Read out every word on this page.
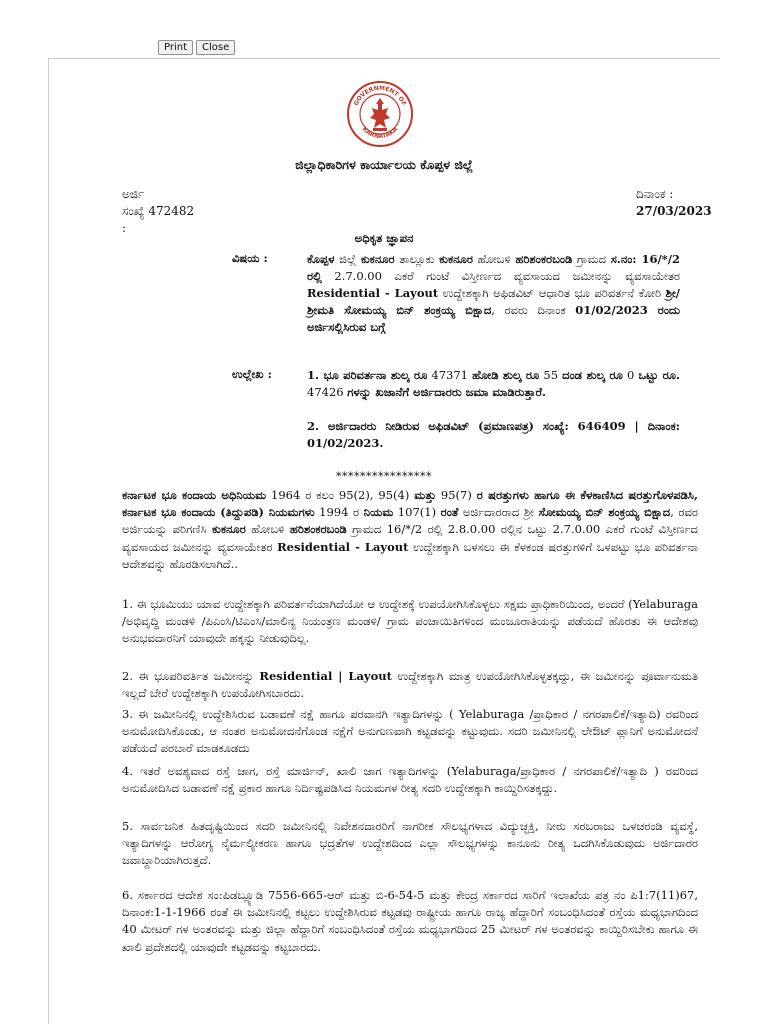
Print	Close
GOVERNMENT OF
KARNATAKA
ಜಿಲ್ಲಾಧಿಕಾರಿಗಳ ಕಾರ್ಯಾಲಯ ಕೊಪ್ಪಳ ಜಿಲ್ಲೆ
ಅರ್ಜಿ
ಸಂಖ್ಯೆ 472482
:
ದಿನಾಂಕ :
27/03/2023
ಅಧಿಕೃತ ಜ್ಞಾಪನ
ವಿಷಯ :	ಕೊಪ್ಪಳ ಜಿಲ್ಲೆ ಕುಕನೂರ ತಾಲ್ಲೂಕು ಕುಕನೂರ ಹೋಬಳಿ ಹರಿಶಂಕರಬಂಡಿ ಗ್ರಾಮದ ಸ.ನಂ: 16/*/2 ರಲ್ಲಿ 2.7.0.00 ಎಕರೆ ಗುಂಟೆ ವಿಸ್ತೀರ್ಣದ ವ್ಯವಸಾಯದ ಜಮೀನನ್ನು ವ್ಯವಸಾಯೇತರ Residential - Layout ಉದ್ದೇಶಕ್ಕಾಗಿ ಅಫಿಡವಿಟ್ ಆಧಾರಿತ ಭೂ ಪರಿವರ್ತನೆ ಕೋರಿ ಶ್ರೀ/ಶ್ರೀಮತಿ ಸೋಮಯ್ಯ ಬಿನ್ ಶಂಕ್ರಯ್ಯ ಬಿಕ್ಷಾದ, ರವರು ದಿನಾಂಕ 01/02/2023 ರಂದು ಅರ್ಜಿಸಲ್ಲಿಸಿರುವ ಬಗ್ಗೆ
ಉಲ್ಲೇಖ :	1. ಭೂ ಪರಿವರ್ತನಾ ಶುಲ್ಕ ರೂ 47371 ಹೋಡಿ ಶುಲ್ಕ ರೂ 55 ದಂಡ ಶುಲ್ಕ ರೂ 0 ಒಟ್ಟು ರೂ. 47426 ಗಳನ್ನು ಖಜಾನೆಗೆ ಅರ್ಜಿದಾರರು ಜಮಾ ಮಾಡಿರುತ್ತಾರೆ.
2. ಅರ್ಜಿದಾರರು ನೀಡಿರುವ ಅಫಿಡವಿಟ್ (ಪ್ರಮಾಣಪತ್ರ) ಸಂಖ್ಯೆ: 646409 | ದಿನಾಂಕ: 01/02/2023.
****************
ಕರ್ನಾಟಕ ಭೂ ಕಂದಾಯ ಅಧಿನಿಯಮ 1964 ರ ಕಲಂ 95(2), 95(4) ಮತ್ತು 95(7) ರ ಷರತ್ತುಗಳು ಹಾಗೂ ಈ ಕೆಳಕಾಣಿಸಿದ ಷರತ್ತುಗೊಳಪಡಿಸಿ, ಕರ್ನಾಟಕ ಭೂ ಕಂದಾಯ (ತಿದ್ದುಪಡಿ) ನಿಯಮಗಳು 1994 ರ ನಿಯಮ 107(1) ರಂತೆ ಅರ್ಜಿದಾರರಾದ ಶ್ರೀ ಸೋಮಯ್ಯ ಬಿನ್ ಶಂಕ್ರಯ್ಯ ಬಿಕ್ಷಾದ, ರವರ ಅರ್ಜಿಯನ್ನು ಪರಿಗಣಿಸಿ ಕುಕನೂರ ಹೋಬಳಿ ಹರಿಶಂಕರಬಂಡಿ ಗ್ರಾಮದ 16/*/2 ರಲ್ಲಿ 2.8.0.00 ರಲ್ಲಿನ ಒಟ್ಟು 2.7.0.00 ಎಕರೆ ಗುಂಟೆ ವಿಸ್ತೀರ್ಣದ ವ್ಯವಸಾಯದ ಜಮೀನನ್ನು ವ್ಯವಸಾಯೇತರ Residential - Layout ಉದ್ದೇಶಕ್ಕಾಗಿ ಬಳಸಲು ಈ ಕೆಳಕಂಡ ಷರತ್ತುಗಳಿಗೆ ಒಳಪಟ್ಟು ಭೂ ಪರಿವರ್ತನಾ ಆದೇಶವನ್ನು ಹೊರಡಿಸಲಾಗಿದೆ..
1. ಈ ಭೂಮಿಯು ಯಾವ ಉದ್ದೇಶಕ್ಕಾಗಿ ಪರಿವರ್ತನೆಯಾಗಿದೆಯೋ ಆ ಉದ್ದೇಶಕ್ಕೆ ಉಪಯೋಗಿಸಿಕೊಳ್ಳಲು ಸಕ್ಷಮ ಪ್ರಾಧಿಕಾರಿಯಿಂದ, ಅಂದರೆ (Yelaburaga /ಅಭಿವೃದ್ಧಿ ಮಂಡಳಿ /ಪಿಎಂಸಿ/ಟಿಎಂಸಿ/ಮಾಲಿನ್ಯ ನಿಯಂತ್ರಣ ಮಂಡಳಿ/ ಗ್ರಾಮ ಪಂಚಾಯಿತಿಗಳಿಂದ ಮಂಜೂರಾತಿಯನ್ನು ಪಡೆಯದೆ ಹೊರತು ಈ ಆದೇಶವು ಅನುಭವದಾರನಿಗೆ ಯಾವುದೇ ಹಕ್ಕನ್ನು ನೀಡುವುದಿಲ್ಲ.
2. ಈ ಭೂಪರಿವರ್ತಿತ ಜಮೀನನ್ನು Residential | Layout ಉದ್ದೇಶಕ್ಕಾಗಿ ಮಾತ್ರ ಉಪಯೋಗಿಸಿಕೊಳ್ಳತಕ್ಕದ್ದು, ಈ ಜಮೀನನ್ನು ಪೂರ್ವಾನುಮತಿ ಇಲ್ಲದೆ ಬೇರೆ ಉದ್ದೇಶಕ್ಕಾಗಿ ಉಪಯೋಗಿಸಬಾರದು.
3. ಈ ಜಮೀನಿನಲ್ಲಿ ಉದ್ದೇಶಿಸಿರುವ ಬಡಾವಣೆ ನಕ್ಷೆ ಹಾಗೂ ಪರವಾನಗಿ ಇತ್ಯಾದಿಗಳನ್ನು ( Yelaburaga /ಪ್ರಾಧಿಕಾರ / ನಗರಪಾಲಿಕೆ/ಇತ್ಯಾದಿ) ರವರಿಂದ ಅನುಮೋದಿಸಿಕೊಂಡು, ಆ ನಂತರ ಅನುಮೋದನೆಗೊಂಡ ನಕ್ಷೆಗೆ ಅನುಗುಣವಾಗಿ ಕಟ್ಟಡವನ್ನು ಕಟ್ಟುವುದು. ಸದರಿ ಜಮೀನಿನಲ್ಲಿ ಲೇಔಟ್ ಪ್ಲಾನಿಗೆ ಅನುಮೋದನೆ ಪಡೆಯದೆ ಪರಬಾರೆ ಮಾಡಕೂಡದು
4. ಇತರೆ ಅವಶ್ಯವಾದ ರಸ್ತೆ ಜಾಗ, ರಸ್ತೆ ಮಾರ್ಜಿನ್, ಖಾಲಿ ಜಾಗ ಇತ್ಯಾದಿಗಳನ್ನು (Yelaburaga/ಪ್ರಾಧಿಕಾರ / ನಗರಪಾಲಿಕೆ/ಇತ್ಯಾದಿ ) ರವರಿಂದ ಅನುಮೋದಿಸಿದ ಬಡಾವಣೆ ನಕ್ಷೆ ಪ್ರಕಾರ ಹಾಗೂ ನಿರ್ದಿಷ್ಟಪಡಿಸಿದ ನಿಯಮಗಳ ರೀತ್ಯ ಸದರಿ ಉದ್ದೇಶಕ್ಕಾಗಿ ಕಾಯ್ದಿರಿಸತಕ್ಕದ್ದು.
5. ಸಾರ್ವಜನಿಕ ಹಿತದೃಷ್ಟಿಯಿಂದ ಸದರಿ ಜಮೀನಿನಲ್ಲಿ ನಿವೇಶನದಾರರಿಗೆ ನಾಗರೀಕ ಸೌಲಭ್ಯಗಳಾದ ವಿದ್ಯುಚ್ಛಕ್ತಿ, ನೀರು ಸರಬರಾಜು ಒಳಚರಂಡಿ ವ್ಯವಸ್ಥೆ, ಇತ್ಯಾದಿಗಳನ್ನು ಆರೋಗ್ಯ ನೈರ್ಮಲ್ಯೀಕರಣ ಹಾಗೂ ಭದ್ರತೆಗಳ ಉದ್ದೇಶದಿಂದ ಎಲ್ಲಾ ಸೌಲಭ್ಯಗಳನ್ನು ಕಾನೂನು ರೀತ್ಯ ಒದಗಿಸಿಕೊಡುವುದು ಅರ್ಜಿದಾರರ ಜವಾಬ್ದಾರಿಯಾಗಿರುತ್ತದೆ.
6. ಸರ್ಕಾರದ ಆದೇಶ ಸಂ:ಪಿಡಬ್ಲ್ಯೂಡಿ 7556-665-ಆರ್ ಮತ್ತು ಬಿ-6-54-5 ಮತ್ತು ಕೇಂದ್ರ ಸರ್ಕಾರದ ಸಾರಿಗೆ ಇಲಾಖೆಯ ಪತ್ರ ನಂ ಪಿ1:7(11)67, ದಿನಾಂಕ:1-1-1966 ರಂತೆ ಈ ಜಮೀನಿನಲ್ಲಿ ಕಟ್ಟಲು ಉದ್ದೇಶಿಸಿರುವ ಕಟ್ಟಡವು ರಾಷ್ಟ್ರೀಯ ಹಾಗೂ ರಾಜ್ಯ ಹೆದ್ದಾರಿಗೆ ಸಂಬಂಧಿಸಿದಂತೆ ರಸ್ತೆಯ ಮಧ್ಯಭಾಗದಿಂದ 40 ಮೀಟರ್ ಗಳ ಅಂತರವನ್ನು ಮತ್ತು ಜಿಲ್ಲಾ ಹೆದ್ದಾರಿಗೆ ಸಂಬಂಧಿಸಿದಂತೆ ರಸ್ತೆಯ ಮಧ್ಯಭಾಗದಿಂದ 25 ಮೀಟರ್ ಗಳ ಅಂತರವನ್ನು ಕಾಯ್ದಿರಿಸಬೇಕು ಹಾಗೂ ಈ ಖಾಲಿ ಪ್ರದೇಶದಲ್ಲಿ ಯಾವುದೇ ಕಟ್ಟಡವನ್ನು ಕಟ್ಟಬಾರದು.
